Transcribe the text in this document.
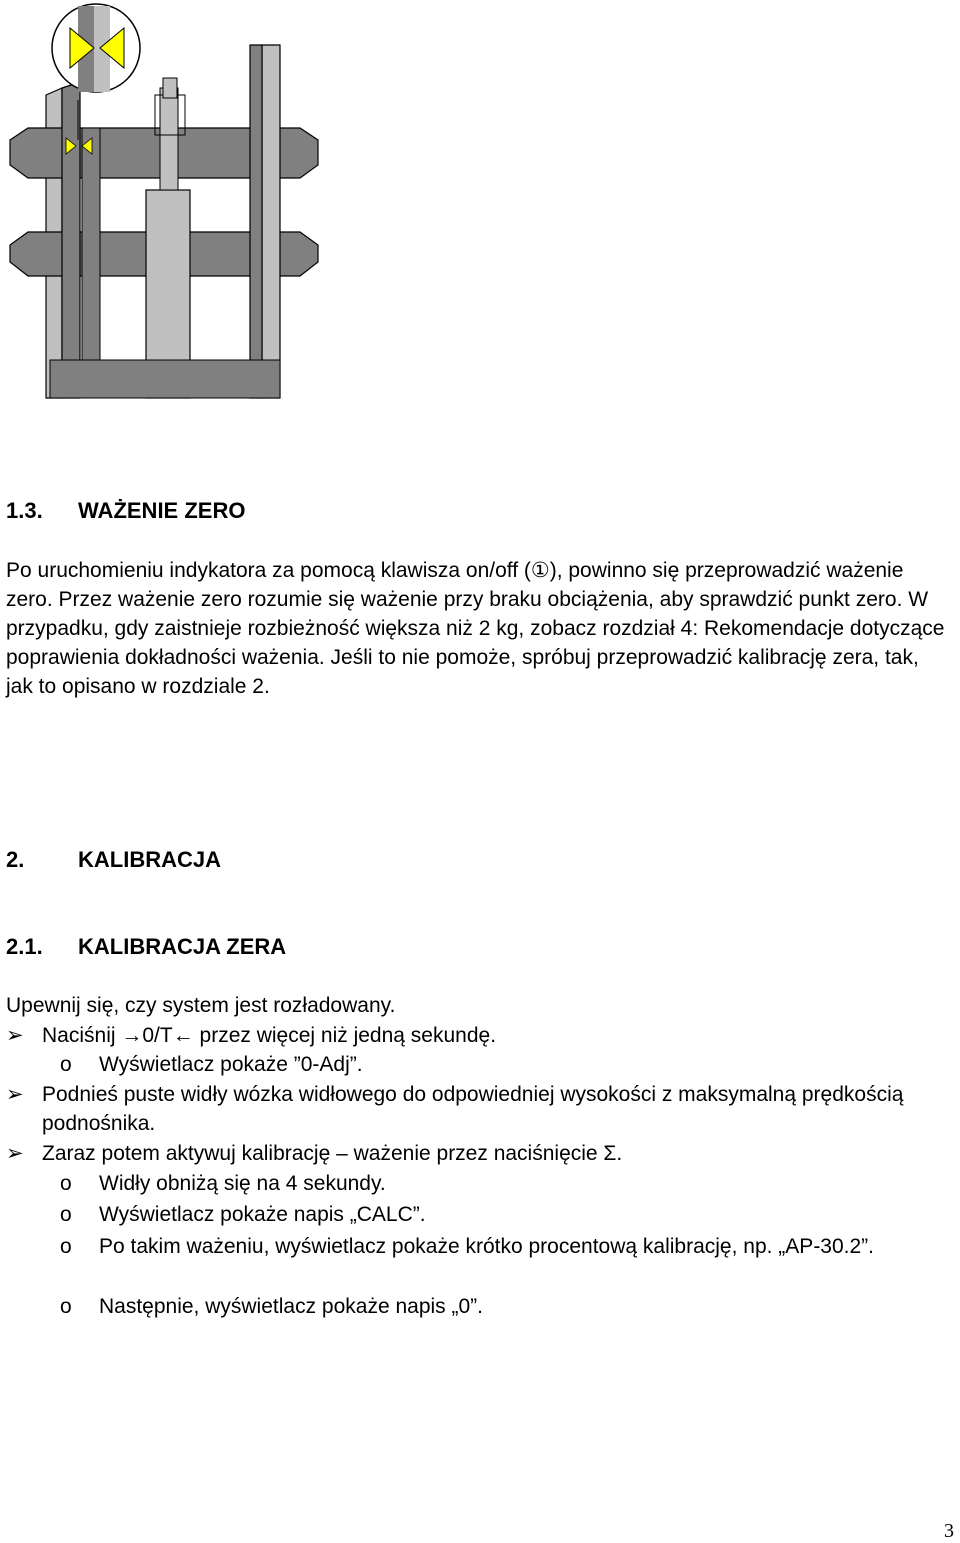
1.3. WAŻENIE ZERO
Po uruchomieniu indykatora za pomocą klawisza on/off (①), powinno się przeprowadzić ważenie zero. Przez ważenie zero rozumie się ważenie przy braku obciążenia, aby sprawdzić punkt zero. W przypadku, gdy zaistnieje rozbieżność większa niż 2 kg, zobacz rozdział 4: Rekomendacje dotyczące poprawienia dokładności ważenia. Jeśli to nie pomoże, spróbuj przeprowadzić kalibrację zera, tak, jak to opisano w rozdziale 2.
2. KALIBRACJA
2.1. KALIBRACJA ZERA
Upewnij się, czy system jest rozładowany.
➢ Naciśnij →0/T← przez więcej niż jedną sekundę.
o Wyświetlacz pokaże ”0-Adj”.
➢ Podnieś puste widły wózka widłowego do odpowiedniej wysokości z maksymalną prędkością podnośnika.
➢ Zaraz potem aktywuj kalibrację – ważenie przez naciśnięcie Σ.
o Widły obniżą się na 4 sekundy.
o Wyświetlacz pokaże napis „CALC”.
o Po takim ważeniu, wyświetlacz pokaże krótko procentową kalibrację, np. „AP-30.2”.
o Następnie, wyświetlacz pokaże napis „0”.
3
